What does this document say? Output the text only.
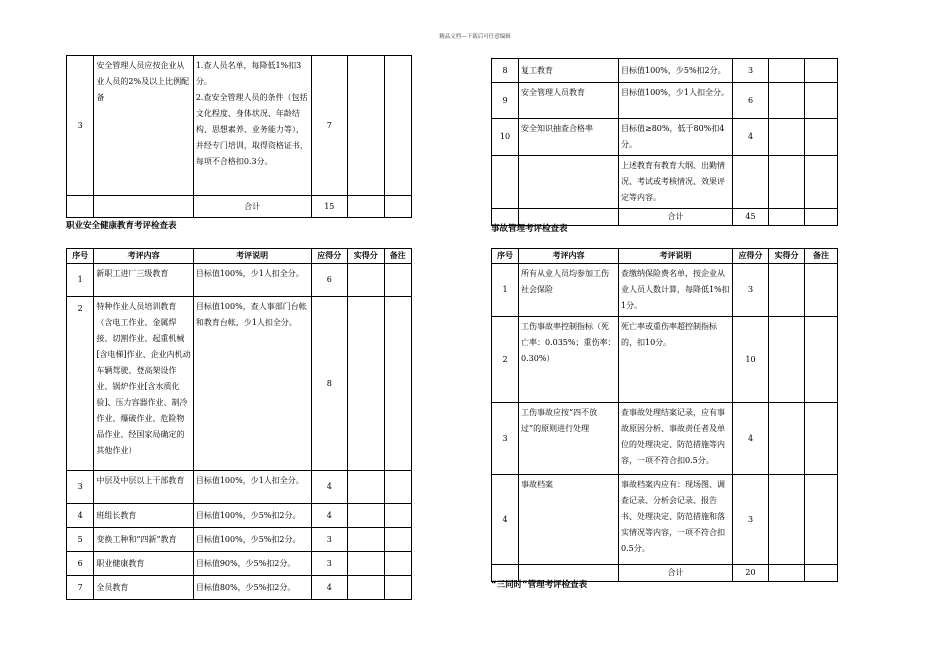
精品文档---下载后可任意编辑
3	安全管理人员应按企业从业人员的2%及以上比例配备	1.查人员名单，每降低1%扣3分。
2.查安全管理人员的条件（包括文化程度、身体状况、年龄结构、思想素养、业务能力等），并经专门培训，取得资格证书，每项不合格扣0.3分。	7		
		合计	15		
职业安全健康教育考评检查表
序号	考评内容	考评说明	应得分	实得分	备注
1	新职工进厂三级教育	目标值100%，少1人扣全分。	6		
2	特种作业人员培训教育（含电工作业、金属焊接、切割作业、起重机械[含电梯]作业、企业内机动车辆驾驶、登高架设作业、锅炉作业[含水质化验]、压力容器作业、制冷作业、爆破作业、危险物品作业、经国家局确定的其他作业）	目标值100%，查人事部门台帐和教育台帐，少1人扣全分。	8		
3	中层及中层以上干部教育	目标值100%，少1人扣全分。	4		
4	班组长教育	目标值100%，少5%扣2分。	4		
5	变换工种和“四新”教育	目标值100%，少5%扣2分。	3		
6	职业健康教育	目标值90%，少5%扣2分。	3		
7	全员教育	目标值80%，少5%扣2分。	4		
8	复工教育	目标值100%，少5%扣2分。	3		
9	安全管理人员教育	目标值100%，少1人扣全分。	6		
10	安全知识抽查合格率	目标值≥80%，低于80%扣4分。	4		
		上述教育有教育大纲、出勤情况、考试或考核情况、效果评定等内容。			
		合计	45		
事故管理考评检查表
序号	考评内容	考评说明	应得分	实得分	备注
1	所有从业人员均参加工伤社会保险	查缴纳保险费名单，按企业从业人员人数计算，每降低1%扣1分。	3		
2	工伤事故率控制指标（死亡率：0.035%；重伤率：0.30%）	死亡率或重伤率超控制指标的，扣10分。	10		
3	工伤事故应按“四不放过”的原则进行处理	查事故处理结案记录，应有事故原因分析、事故责任者及单位的处理决定、防范措施等内容，一项不符合扣0.5分。	4		
4	事故档案	事故档案内应有：现场图、调查记录、分析会记录、报告书、处理决定、防范措施和落实情况等内容，一项不符合扣0.5分。	3		
		合计	20		
“三同时”管理考评检查表
